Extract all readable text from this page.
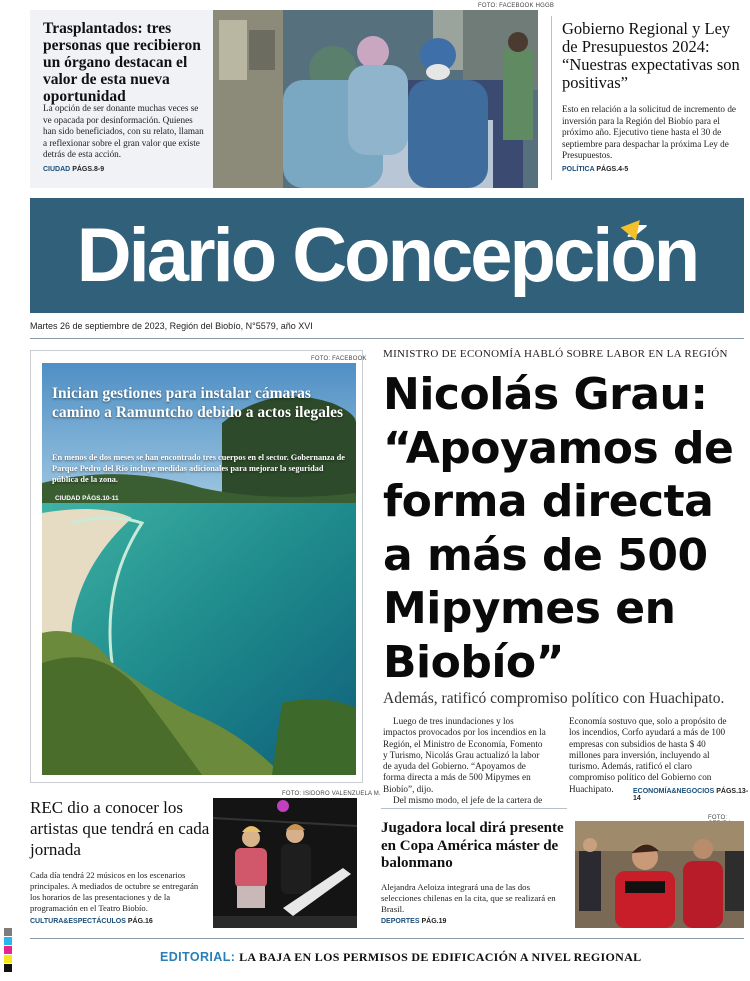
Trasplantados: tres personas que recibieron un órgano destacan el valor de esta nueva oportunidad
La opción de ser donante muchas veces se ve opacada por desinformación. Quienes han sido beneficiados, con su relato, llaman a reflexionar sobre el gran valor que existe detrás de esta acción.
CIUDAD PÁGS.8-9
FOTO: FACEBOOK HGGB
Gobierno Regional y Ley de Presupuestos 2024: “Nuestras expectativas son positivas”
Esto en relación a la solicitud de incremento de inversión para la Región del Biobío para el próximo año. Ejecutivo tiene hasta el 30 de septiembre para despachar la próxima Ley de Presupuestos.
POLÍTICA PÁGS.4-5
Diario Concepción
Martes 26 de septiembre de 2023, Región del Biobío, N°5579, año XVI
FOTO: FACEBOOK
Inician gestiones para instalar cámaras camino a Ramuntcho debido a actos ilegales
En menos de dos meses se han encontrado tres cuerpos en el sector. Gobernanza de Parque Pedro del Río incluye medidas adicionales para mejorar la seguridad pública de la zona.
CIUDAD PÁGS.10-11
MINISTRO DE ECONOMÍA HABLÓ SOBRE LABOR EN LA REGIÓN
Nicolás Grau:
“Apoyamos de
forma directa
a más de 500
Mipymes en
Biobío”
Además, ratificó compromiso político con Huachipato.

Luego de tres inundaciones y los impactos provocados por los incendios en la Región, el Ministro de Economía, Fomento y Turismo, Nicolás Grau actualizó la labor de ayuda del Gobierno. “Apoyamos de forma directa a más de 500 Mipymes en Biobío”, dijo.

Del mismo modo, el jefe de la cartera de

Economía sostuvo que, solo a propósito de los incendios, Corfo ayudará a más de 100 empresas con subsidios de hasta $ 40 millones para inversión, incluyendo al turismo. Además, ratificó el claro compromiso político del Gobierno con Huachipato.	ECONOMÍA&NEGOCIOS PÁGS.13-14
REC dio a conocer los artistas que tendrá en cada jornada
Cada día tendrá 22 músicos en los escenarios principales. A mediados de octubre se entregarán los horarios de las presentaciones y de la programación en el Teatro Biobío.
CULTURA&ESPECTÁCULOS PÁG.16
FOTO: ISIDORO VALENZUELA M.
Jugadora local dirá presente en Copa América máster de balonmano
Alejandra Aeloiza integrará una de las dos selecciones chilenas en la cita, que se realizará en Brasil.
DEPORTES PÁG.19
FOTO:
EDITORIAL: LA BAJA EN LOS PERMISOS DE EDIFICACIÓN A NIVEL REGIONAL
